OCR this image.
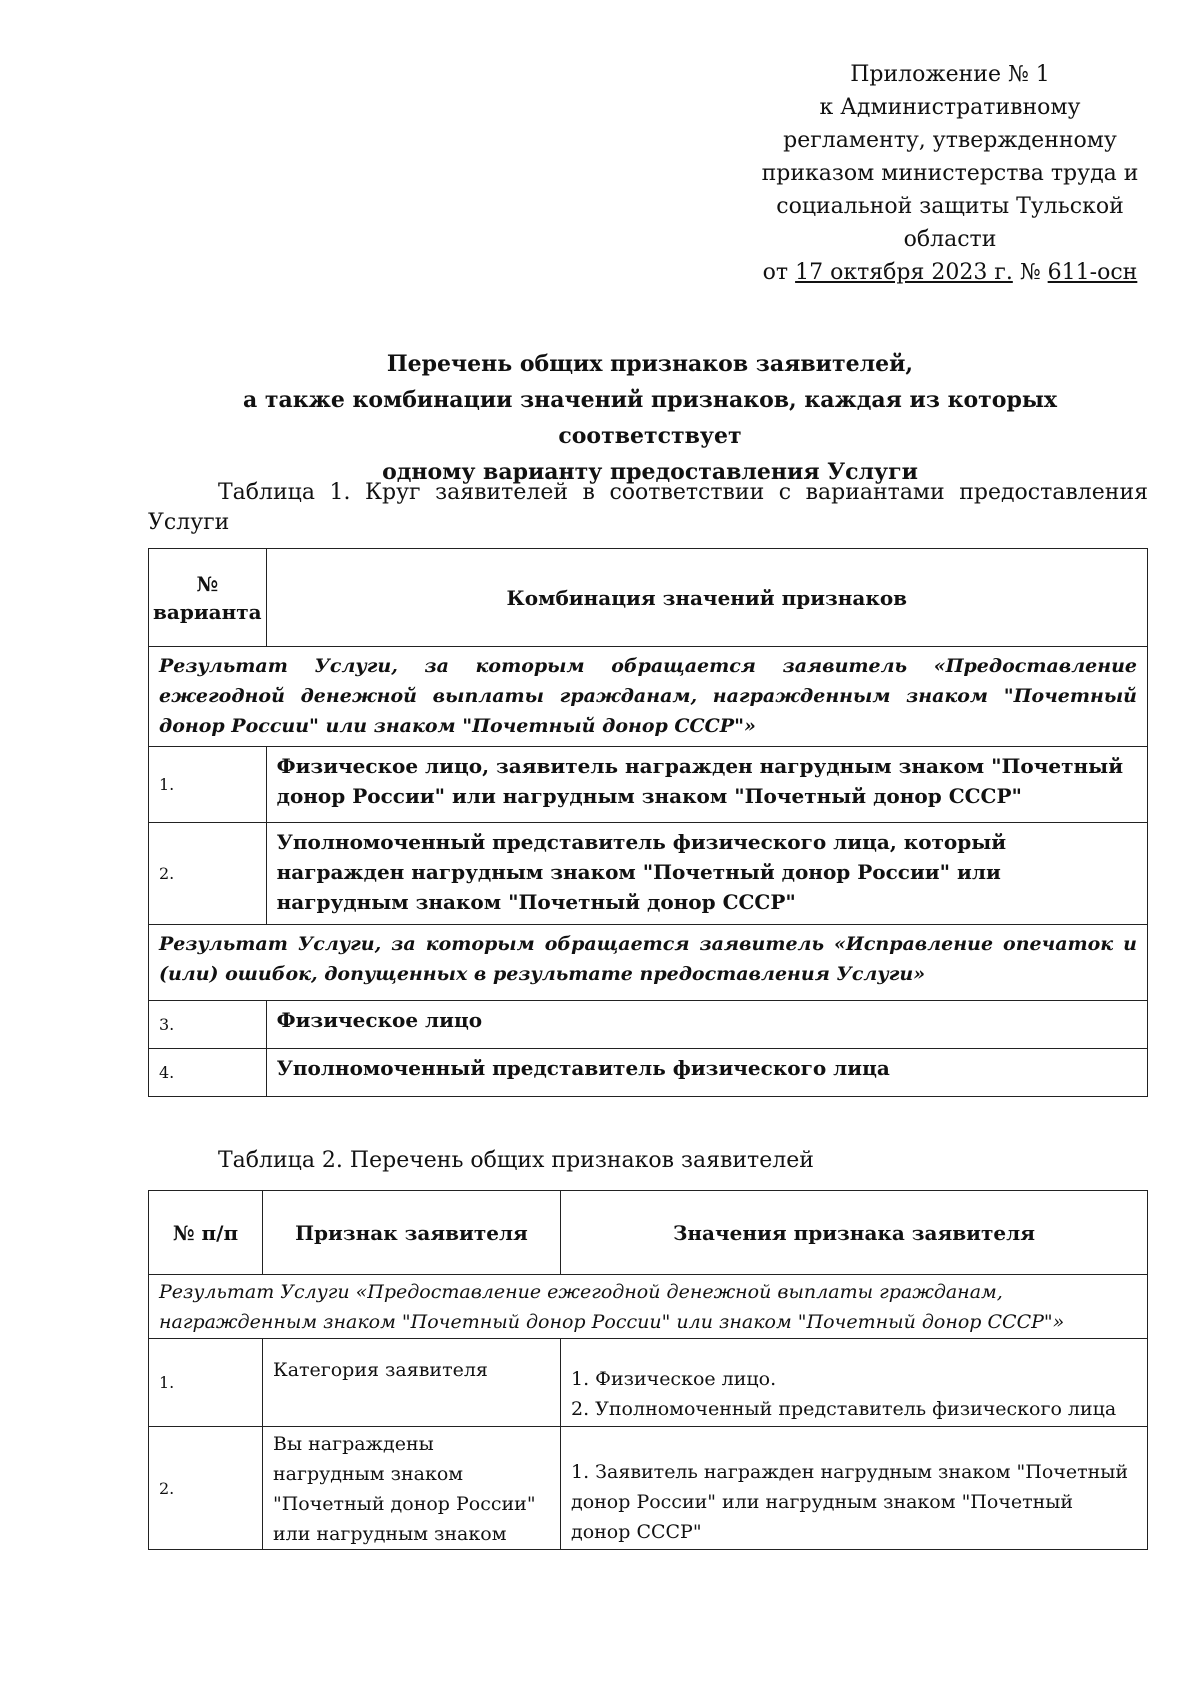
Приложение № 1
к Административному
регламенту, утвержденному
приказом министерства труда и
социальной защиты Тульской
области
от 17 октября 2023 г. № 611-осн
Перечень общих признаков заявителей,
а также комбинации значений признаков, каждая из которых соответствует
одному варианту предоставления Услуги
Таблица 1. Круг заявителей в соответствии с вариантами предоставления Услуги
№ варианта	Комбинация значений признаков
Результат Услуги, за которым обращается заявитель «Предоставление ежегодной денежной выплаты гражданам, награжденным знаком "Почетный донор России" или знаком "Почетный донор СССР"»	
1.	Физическое лицо, заявитель награжден нагрудным знаком "Почетный донор России" или нагрудным знаком "Почетный донор СССР"
2.	Уполномоченный представитель физического лица, который награжден нагрудным знаком "Почетный донор России" или нагрудным знаком "Почетный донор СССР"
Результат Услуги, за которым обращается заявитель «Исправление опечаток и (или) ошибок, допущенных в результате предоставления Услуги»	
3.	Физическое лицо
4.	Уполномоченный представитель физического лица
Таблица 2. Перечень общих признаков заявителей
№ п/п	Признак заявителя	Значения признака заявителя
Результат Услуги «Предоставление ежегодной денежной выплаты гражданам, награжденным знаком "Почетный донор России" или знаком "Почетный донор СССР"»		
1.	Категория заявителя	1. Физическое лицо.
2. Уполномоченный представитель физического лица

2.	Вы награждены нагрудным знаком "Почетный донор России" или нагрудным знаком	1. Заявитель награжден нагрудным знаком "Почетный донор России" или нагрудным знаком "Почетный донор СССР"
